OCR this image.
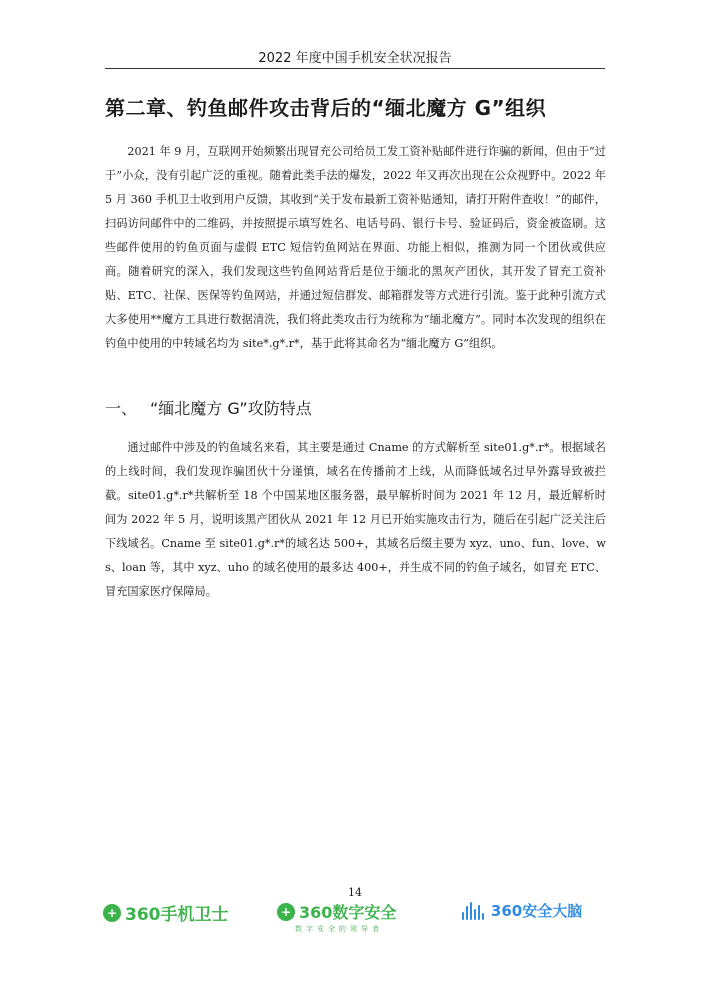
2022 年度中国手机安全状况报告
第二章、钓鱼邮件攻击背后的“缅北魔方 G”组织

2021 年 9 月，互联网开始频繁出现冒充公司给员工发工资补贴邮件进行诈骗的新闻，但由于“过于”小众，没有引起广泛的重视。随着此类手法的爆发，2022 年又再次出现在公众视野中。2022 年 5 月 360 手机卫士收到用户反馈，其收到“关于发布最新工资补贴通知，请打开附件查收！”的邮件，扫码访问邮件中的二维码，并按照提示填写姓名、电话号码、银行卡号、验证码后，资金被盗刷。这些邮件使用的钓鱼页面与虚假 ETC 短信钓鱼网站在界面、功能上相似，推测为同一个团伙或供应商。随着研究的深入，我们发现这些钓鱼网站背后是位于缅北的黑灰产团伙，其开发了冒充工资补贴、ETC、社保、医保等钓鱼网站，并通过短信群发、邮箱群发等方式进行引流。鉴于此种引流方式大多使用**魔方工具进行数据清洗，我们将此类攻击行为统称为“缅北魔方”。同时本次发现的组织在钓鱼中使用的中转域名均为 site*.g*.r*，基于此将其命名为“缅北魔方 G”组织。

一、 “缅北魔方 G”攻防特点

通过邮件中涉及的钓鱼域名来看，其主要是通过 Cname 的方式解析至 site01.g*.r*。根据域名的上线时间，我们发现诈骗团伙十分谨慎，域名在传播前才上线，从而降低域名过早外露导致被拦截。site01.g*.r*共解析至 18 个中国某地区服务器，最早解析时间为 2021 年 12 月，最近解析时间为 2022 年 5 月，说明该黑产团伙从 2021 年 12 月已开始实施攻击行为，随后在引起广泛关注后下线域名。Cname 至 site01.g*.r*的域名达 500+，其域名后缀主要为 xyz、uno、fun、love、ws、loan 等，其中 xyz、uho 的域名使用的最多达 400+，并生成不同的钓鱼子域名，如冒充 ETC、冒充国家医疗保障局。

14
+ 360手机卫士	+ 360数字安全
数字安全的领导者
360安全大脑
